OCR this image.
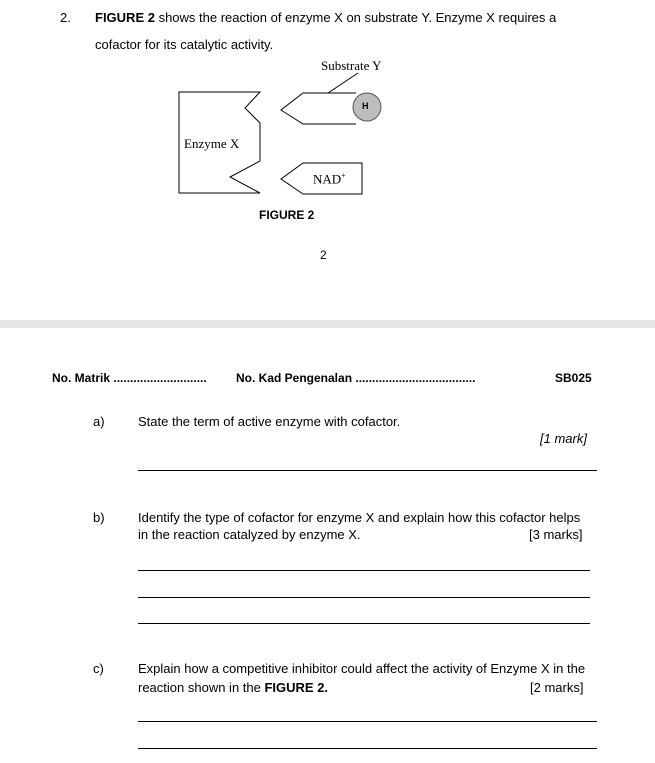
2. FIGURE 2 shows the reaction of enzyme X on substrate Y. Enzyme X requires a
cofactor for its catalytic activity.
Substrate Y
H
Enzyme X
NAD+
FIGURE 2
2
No. Matrik ............................ No. Kad Pengenalan ....................................	SB025
a)	State the term of active enzyme with cofactor.
[1 mark]
b)	Identify the type of cofactor for enzyme X and explain how this cofactor helps
in the reaction catalyzed by enzyme X.	[3 marks]
c)	Explain how a competitive inhibitor could affect the activity of Enzyme X in the
reaction shown in the FIGURE 2.	[2 marks]
